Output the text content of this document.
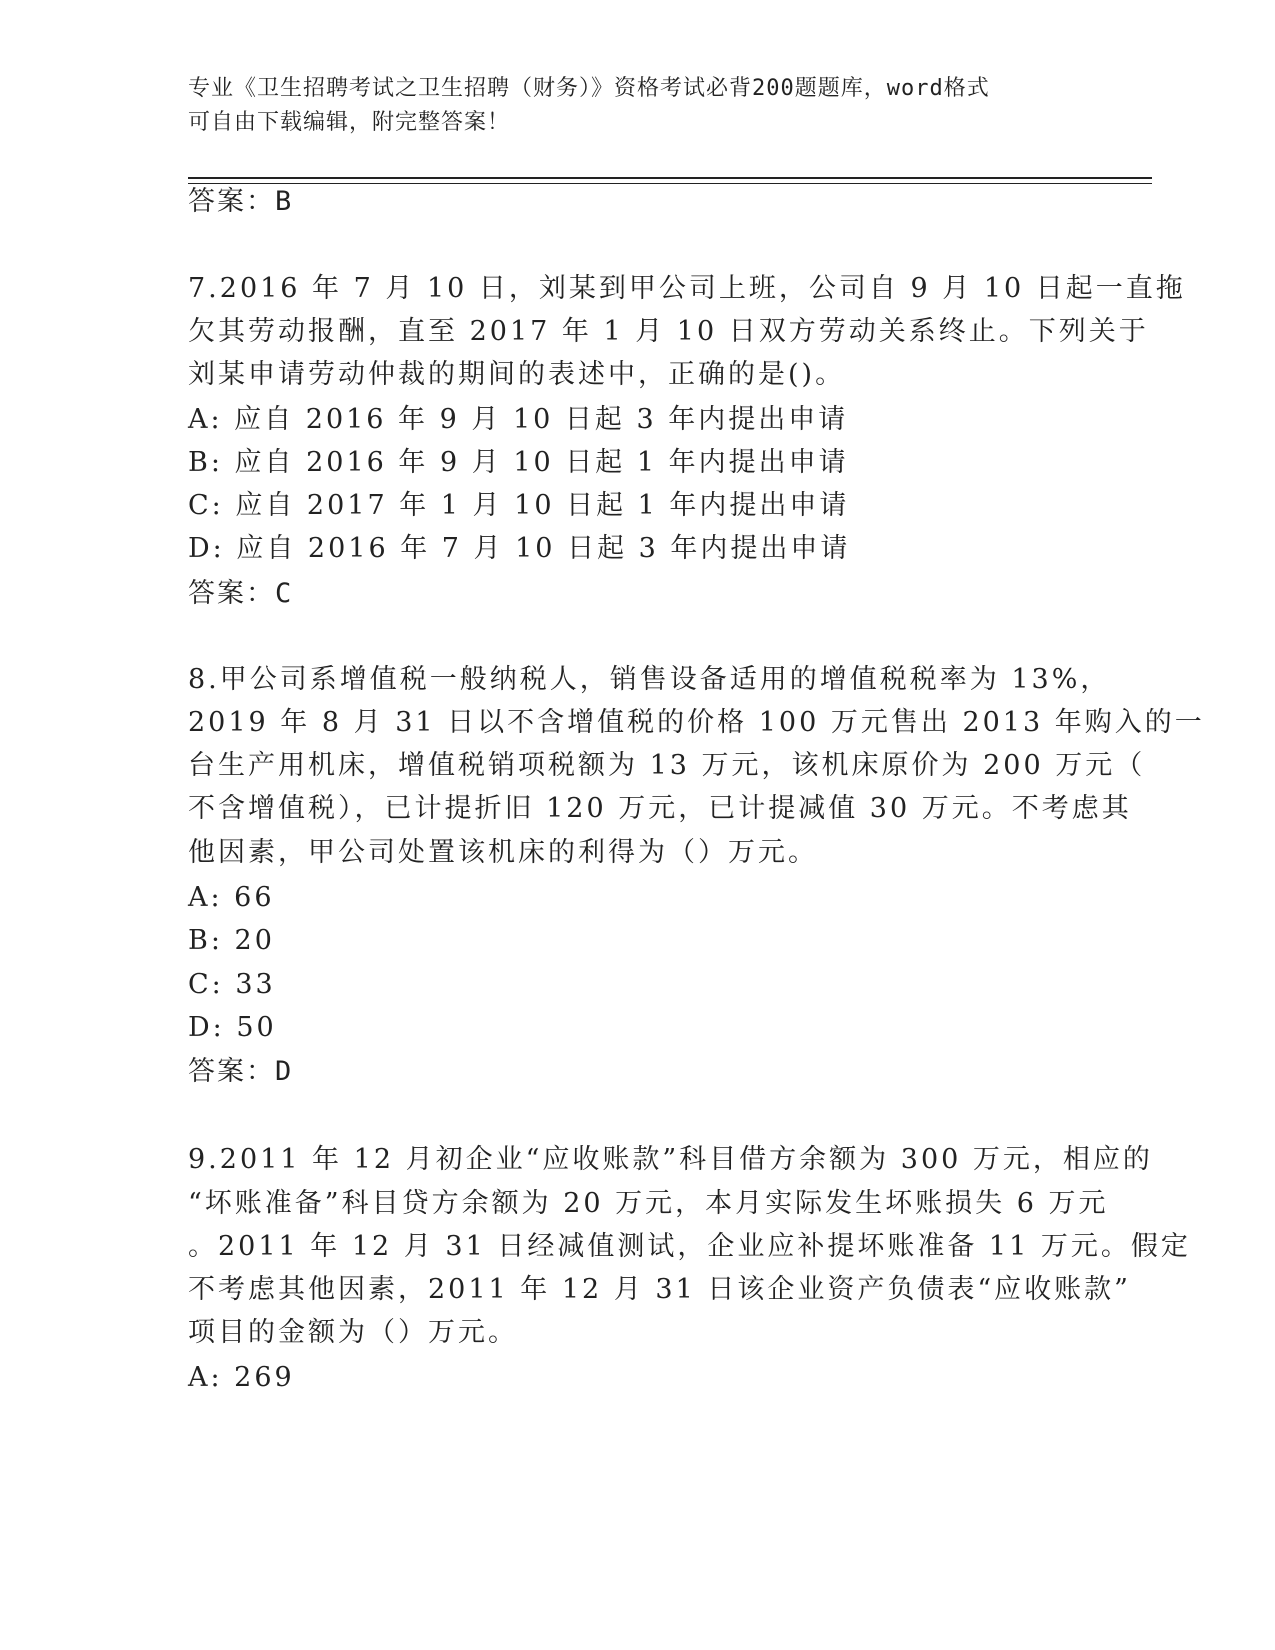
专业《卫生招聘考试之卫生招聘（财务）》资格考试必背200题题库，word格式
可自由下载编辑，附完整答案！
答案：B
7.2016 年 7 月 10 日，刘某到甲公司上班，公司自 9 月 10 日起一直拖
欠其劳动报酬，直至 2017 年 1 月 10 日双方劳动关系终止。下列关于
刘某申请劳动仲裁的期间的表述中，正确的是()。
A: 应自 2016 年 9 月 10 日起 3 年内提出申请
B: 应自 2016 年 9 月 10 日起 1 年内提出申请
C: 应自 2017 年 1 月 10 日起 1 年内提出申请
D: 应自 2016 年 7 月 10 日起 3 年内提出申请
答案：C
8.甲公司系增值税一般纳税人，销售设备适用的增值税税率为 13%，
2019 年 8 月 31 日以不含增值税的价格 100 万元售出 2013 年购入的一
台生产用机床，增值税销项税额为 13 万元，该机床原价为 200 万元（
不含增值税），已计提折旧 120 万元，已计提减值 30 万元。不考虑其
他因素，甲公司处置该机床的利得为（）万元。
A: 66
B: 20
C: 33
D: 50
答案：D
9.2011 年 12 月初企业“应收账款”科目借方余额为 300 万元，相应的
“坏账准备”科目贷方余额为 20 万元，本月实际发生坏账损失 6 万元
。2011 年 12 月 31 日经减值测试，企业应补提坏账准备 11 万元。假定
不考虑其他因素，2011 年 12 月 31 日该企业资产负债表“应收账款”
项目的金额为（）万元。
A: 269
